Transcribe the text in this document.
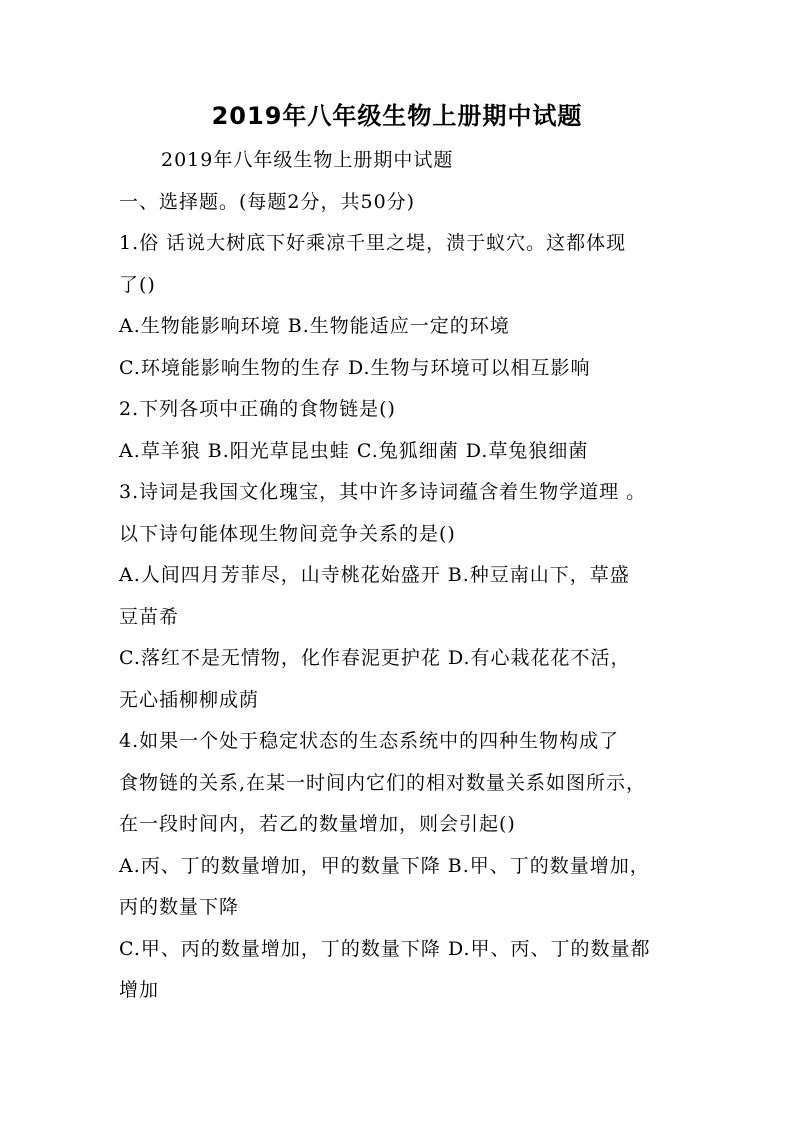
2019年八年级生物上册期中试题
2019年八年级生物上册期中试题
一、选择题。(每题2分，共50分)
1.俗 话说大树底下好乘凉千里之堤，溃于蚁穴。这都体现
了()
A.生物能影响环境 B.生物能适应一定的环境
C.环境能影响生物的生存 D.生物与环境可以相互影响
2.下列各项中正确的食物链是()
A.草羊狼 B.阳光草昆虫蛙 C.兔狐细菌 D.草兔狼细菌
3.诗词是我国文化瑰宝，其中许多诗词蕴含着生物学道理 。
以下诗句能体现生物间竞争关系的是()
A.人间四月芳菲尽，山寺桃花始盛开 B.种豆南山下，草盛
豆苗希
C.落红不是无情物，化作春泥更护花 D.有心栽花花不活，
无心插柳柳成荫
4.如果一个处于稳定状态的生态系统中的四种生物构成了
食物链的关系,在某一时间内它们的相对数量关系如图所示，
在一段时间内，若乙的数量增加，则会引起()
A.丙、丁的数量增加，甲的数量下降 B.甲、丁的数量增加，
丙的数量下降
C.甲、丙的数量增加，丁的数量下降 D.甲、丙、丁的数量都
增加
